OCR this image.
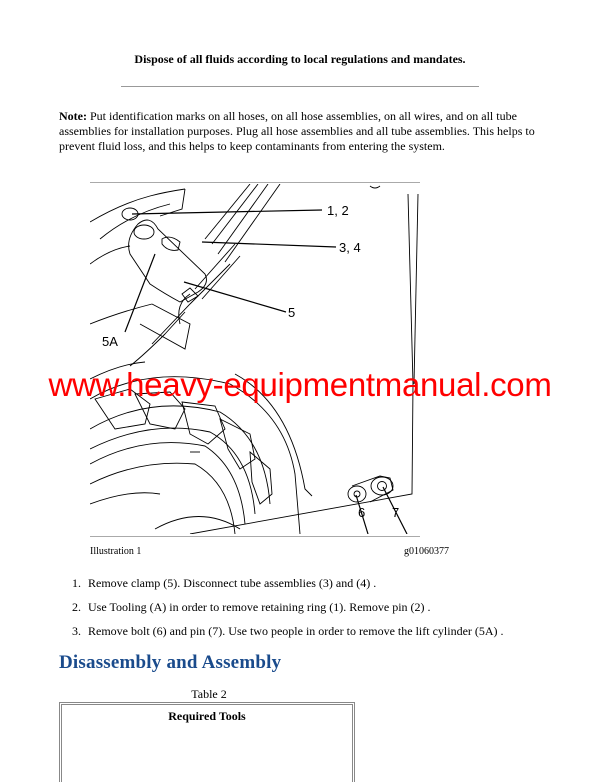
Dispose of all fluids according to local regulations and mandates.
Note: Put identification marks on all hoses, on all hose assemblies, on all wires, and on all tube assemblies for installation purposes. Plug all hose assemblies and all tube assemblies. This helps to prevent fluid loss, and this helps to keep contaminants from entering the system.
1, 2
3, 4
5
5A
6 7
www.heavy-equipmentmanual.com
Illustration 1	g01060377
1. Remove clamp (5). Disconnect tube assemblies (3) and (4) .
2. Use Tooling (A) in order to remove retaining ring (1). Remove pin (2) .
3. Remove bolt (6) and pin (7). Use two people in order to remove the lift cylinder (5A) .
Disassembly and Assembly
Table 2
Required Tools
